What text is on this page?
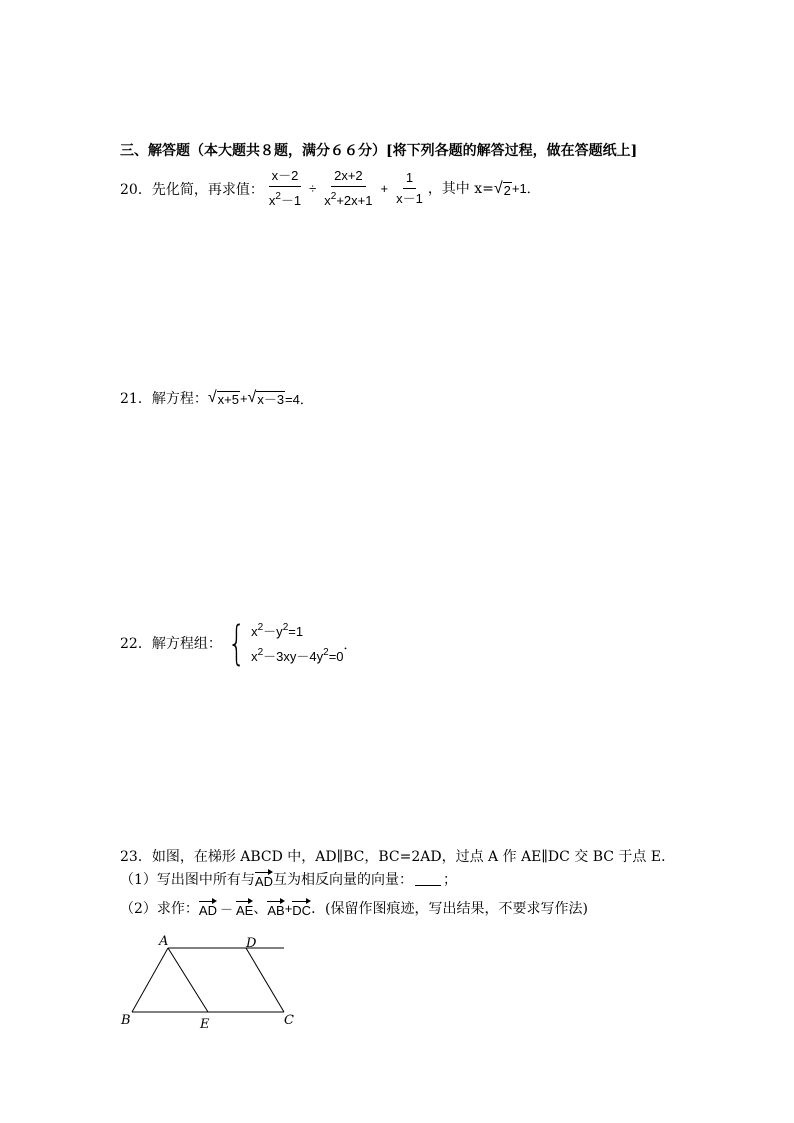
三、解答题（本大题共８题，满分６６分）[将下列各题的解答过程，做在答题纸上]
20．先化简，再求值： $\frac{x-2}{x^2-1} \div \frac{2x+2}{x^2+2x+1} + \frac{1}{x-1}$ ，其中 x= √ 2 +1．
21．解方程： √ x+5 + √ x－3 =4．
22．解方程组： { $x^2-y^2=1$
$x^2-3xy-4y^2=0$
．
23．如图，在梯形 ABCD 中，AD∥BC，BC=2AD，过点 A 作 AE∥DC 交 BC 于点 E．
（1）写出图中所有与 AD 互为相反向量的向量： ；
（2）求作： AD － AE 、 AB + DC ．(保留作图痕迹，写出结果，不要求写作法)
A	D
B	E	C
